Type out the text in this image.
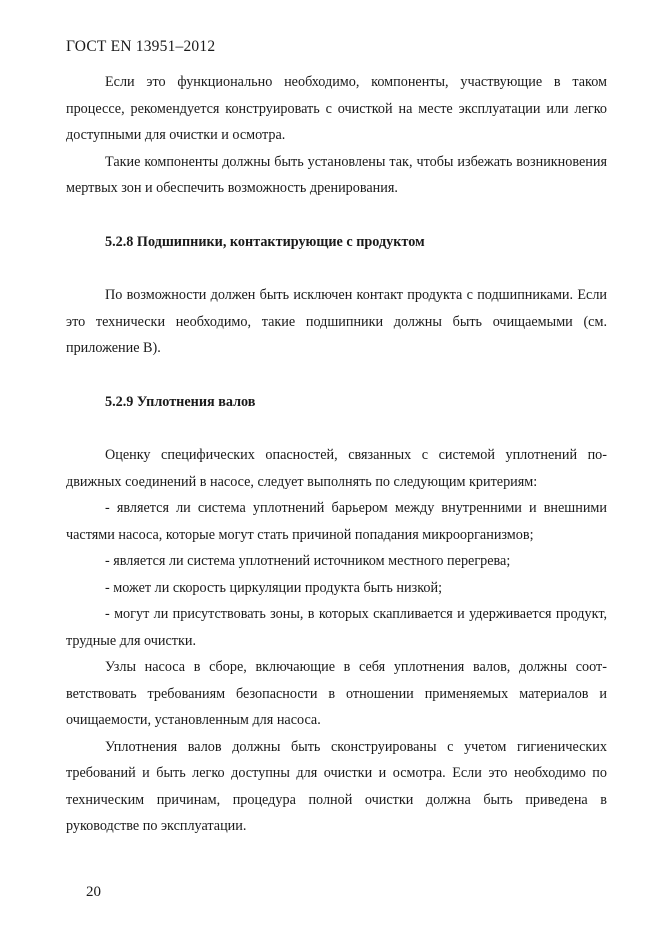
ГОСТ EN 13951–2012

Если это функционально необходимо, компоненты, участвующие в таком процессе, рекомендуется конструировать с очисткой на месте эксплуатации или легко доступными для очистки и осмотра.

Такие компоненты должны быть установлены так, чтобы избежать возникновения мертвых зон и обеспечить возможность дренирования.

5.2.8 Подшипники, контактирующие с продуктом

По возможности должен быть исключен контакт продукта с подшипниками. Если это технически необходимо, такие подшипники должны быть очищаемыми (см. приложение В).

5.2.9 Уплотнения валов

Оценку специфических опасностей, связанных с системой уплотнений подвижных соединений в насосе, следует выполнять по следующим критериям:

- является ли система уплотнений барьером между внутренними и внешними частями насоса, которые могут стать причиной попадания микроорганизмов;

- является ли система уплотнений источником местного перегрева;

- может ли скорость циркуляции продукта быть низкой;

- могут ли присутствовать зоны, в которых скапливается и удерживается продукт, трудные для очистки.

Узлы насоса в сборе, включающие в себя уплотнения валов, должны соответствовать требованиям безопасности в отношении применяемых материалов и очищаемости, установленным для насоса.

Уплотнения валов должны быть сконструированы с учетом гигиенических требований и быть легко доступны для очистки и осмотра. Если это необходимо по техническим причинам, процедура полной очистки должна быть приведена в руководстве по эксплуатации.

20
